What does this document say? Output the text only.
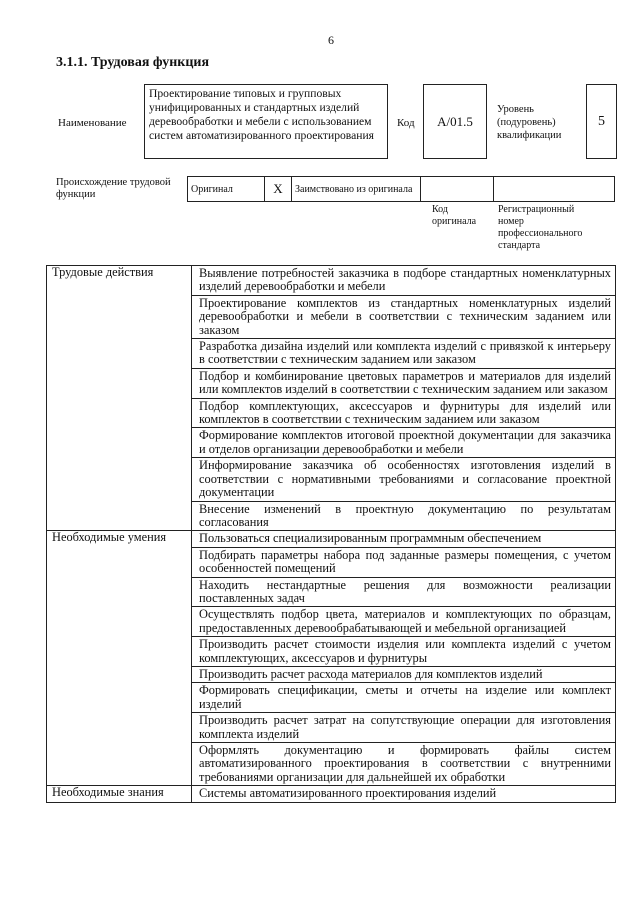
6
3.1.1. Трудовая функция
Наименование
Проектирование типовых и групповых унифицированных и стандартных изделий деревообработки и мебели с использованием систем автоматизированного проектирования
Код	A/01.5
Уровень (подуровень) квалификации
5
Происхождение трудовой функции	Оригинал	X	Заимствовано из оригинала		
Код оригинала
Регистрационный номер профессионального стандарта
Трудовые действия	Выявление потребностей заказчика в подборе стандартных номенклатурных изделий деревообработки и мебели
	Проектирование комплектов из стандартных номенклатурных изделий деревообработки и мебели в соответствии с техническим заданием или заказом
	Разработка дизайна изделий или комплекта изделий с привязкой к интерьеру в соответствии с техническим заданием или заказом
	Подбор и комбинирование цветовых параметров и материалов для изделий или комплектов изделий в соответствии с техническим заданием или заказом
	Подбор комплектующих, аксессуаров и фурнитуры для изделий или комплектов в соответствии с техническим заданием или заказом
	Формирование комплектов итоговой проектной документации для заказчика и отделов организации деревообработки и мебели
	Информирование заказчика об особенностях изготовления изделий в соответствии с нормативными требованиями и согласование проектной документации
	Внесение изменений в проектную документацию по результатам согласования
Необходимые умения	Пользоваться специализированным программным обеспечением
	Подбирать параметры набора под заданные размеры помещения, с учетом особенностей помещений
	Находить нестандартные решения для возможности реализации поставленных задач
	Осуществлять подбор цвета, материалов и комплектующих по образцам, предоставленных деревообрабатывающей и мебельной организацией
	Производить расчет стоимости изделия или комплекта изделий с учетом комплектующих, аксессуаров и фурнитуры
	Производить расчет расхода материалов для комплектов изделий
	Формировать спецификации, сметы и отчеты на изделие или комплект изделий
	Производить расчет затрат на сопутствующие операции для изготовления комплекта изделий
	Оформлять документацию и формировать файлы систем автоматизированного проектирования в соответствии с внутренними требованиями организации для дальнейшей их обработки
Необходимые знания	Системы автоматизированного проектирования изделий
